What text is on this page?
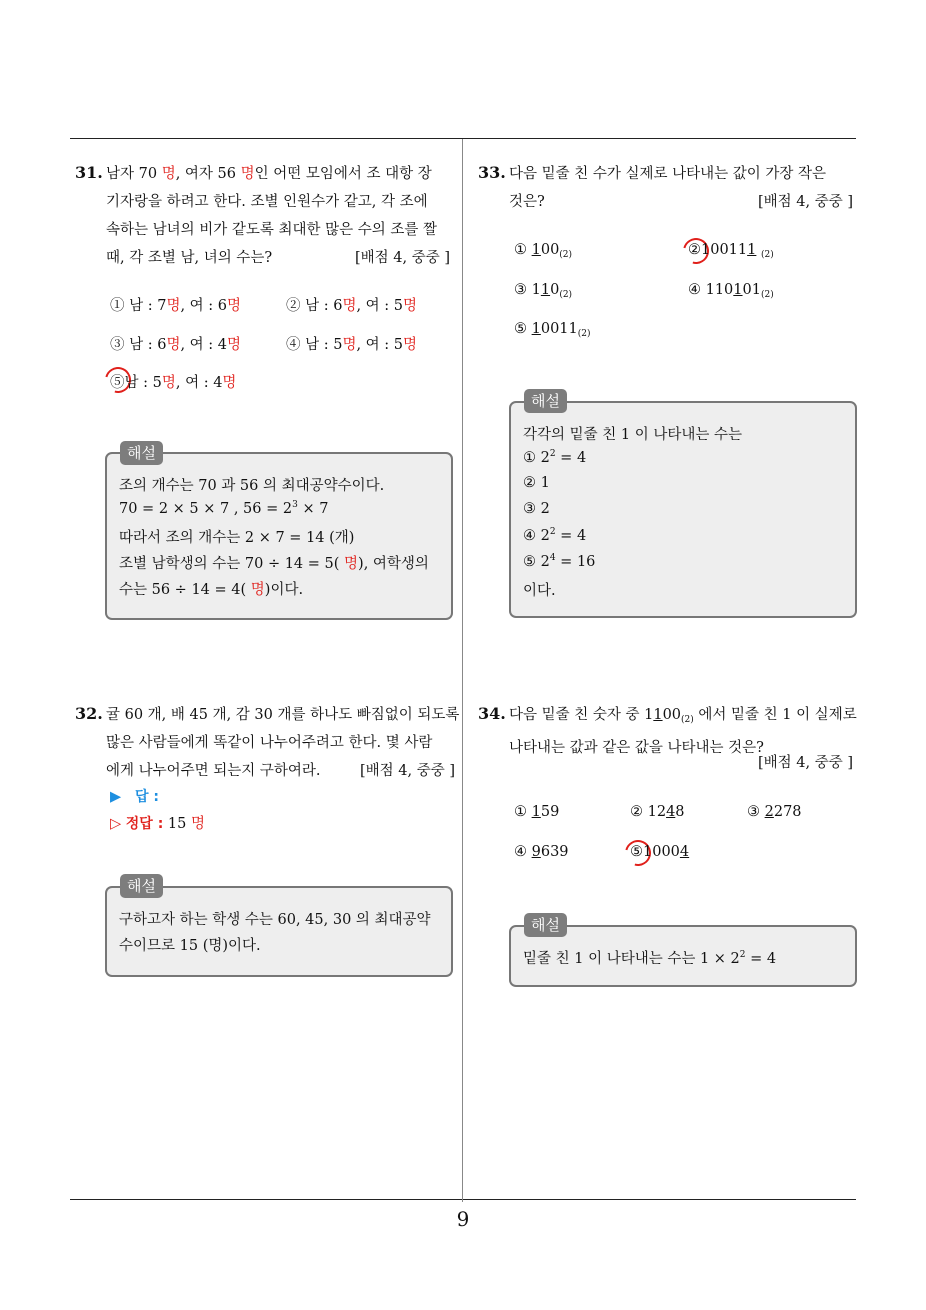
9
31. 남자 70 명, 여자 56 명인 어떤 모임에서 조 대항 장
기자랑을 하려고 한다. 조별 인원수가 같고, 각 조에
속하는 남녀의 비가 같도록 최대한 많은 수의 조를 짤
때, 각 조별 남, 녀의 수는?	[배점 4, 중중 ]
① 남 : 7명, 여 : 6명	② 남 : 6명, 여 : 5명
③ 남 : 6명, 여 : 4명	④ 남 : 5명, 여 : 5명
⑤남 : 5명, 여 : 4명
조의 개수는 70 과 56 의 최대공약수이다.
70 = 2 × 5 × 7 , $56 = 2^3 \times 7$
따라서 조의 개수는 2 × 7 = 14 (개)
조별 남학생의 수는 70 ÷ 14 = 5( 명), 여학생의
수는 56 ÷ 14 = 4( 명)이다.
해설
32. 귤 60 개, 배 45 개, 감 30 개를 하나도 빠짐없이 되도록
많은 사람들에게 똑같이 나누어주려고 한다. 몇 사람
에게 나누어주면 되는지 구하여라.	[배점 4, 중중 ]
▶ 답 :
▷ 정답 : 15 명
구하고자 하는 학생 수는 60, 45, 30 의 최대공약
수이므로 15 (명)이다.
해설
33. 다음 밑줄 친 수가 실제로 나타내는 값이 가장 작은
것은?	[배점 4, 중중 ]
① $100_{(2)}$	②100111 $_{(2)}$
③ $110_{(2)}$	④ $110101_{(2)}$
⑤ $10011_{(2)}$
각각의 밑줄 친 1 이 나타내는 수는
① $2^2 = 4$
② 1
③ 2
④ $2^2 = 4$
⑤ $2^4 = 16$
이다.
해설
34. 다음 밑줄 친 숫자 중 $1100_{(2)}$ 에서 밑줄 친 1 이 실제로
나타내는 값과 같은 값을 나타내는 것은?
[배점 4, 중중 ]
① 159	② 1248	③ 2278
④ 9639	⑤10004
밑줄 친 1 이 나타내는 수는 $1 \times 2^2 = 4$
해설
